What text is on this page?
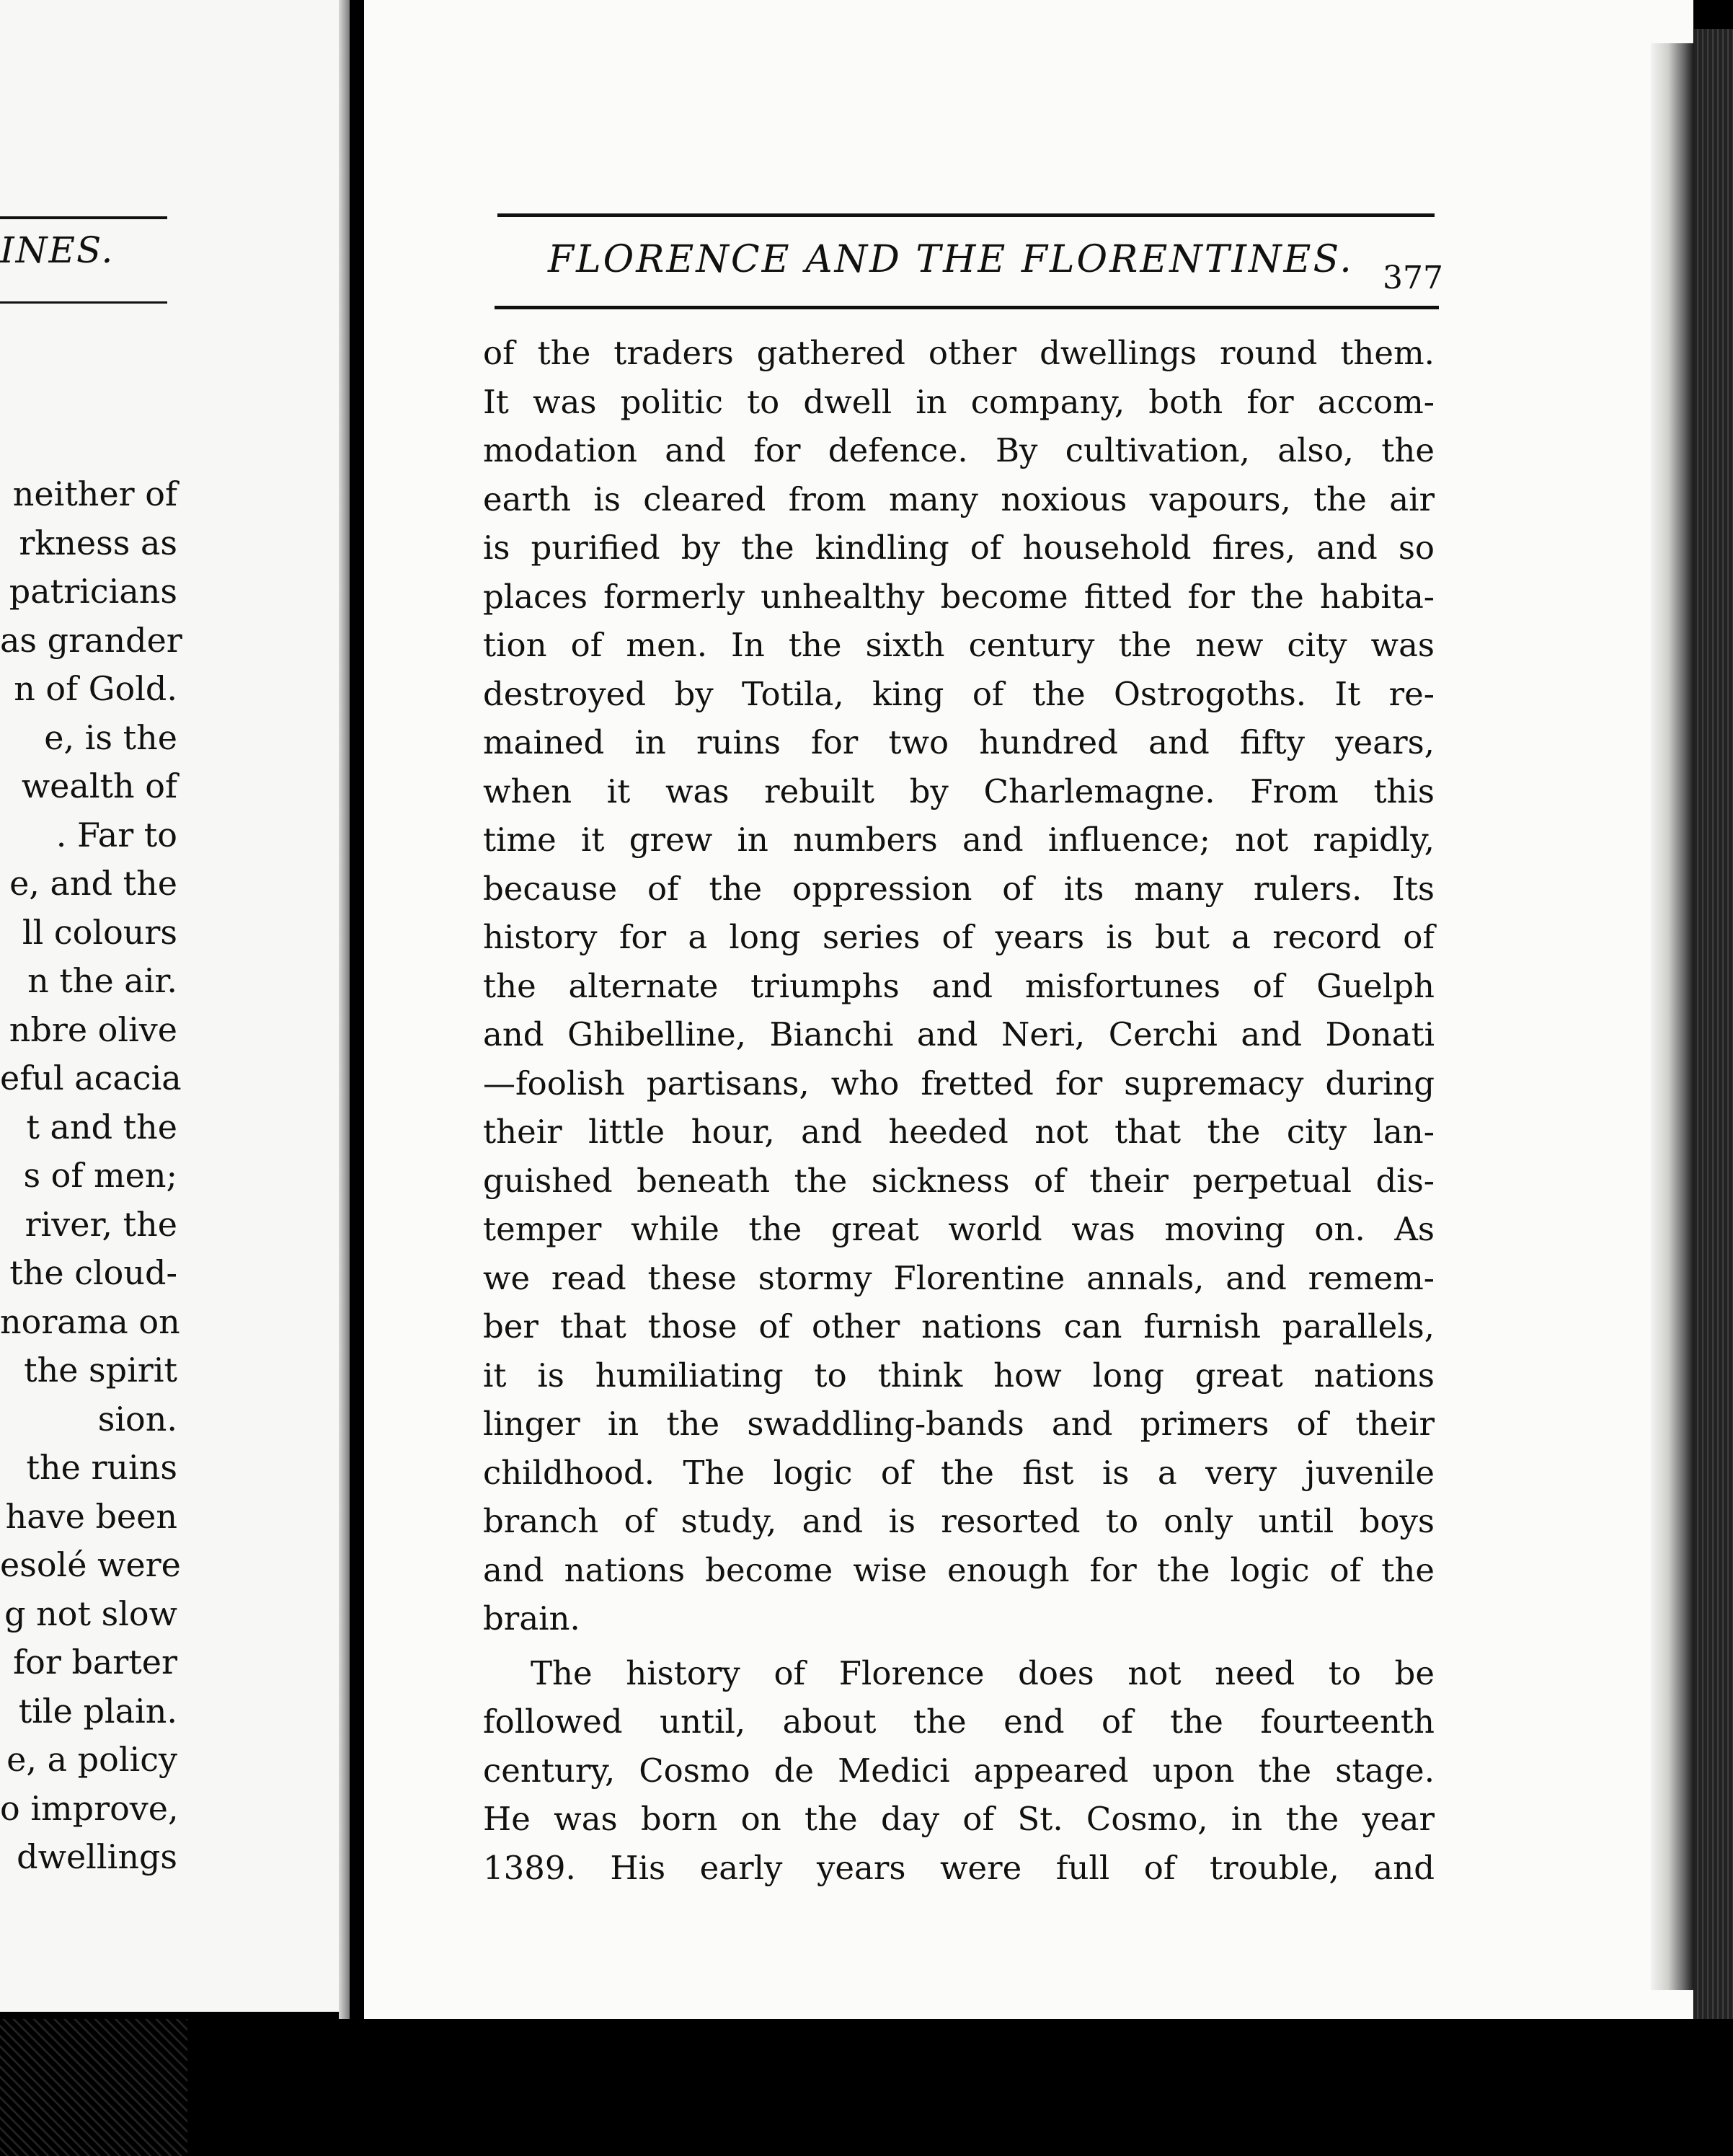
INES.
neither of
rkness as
patricians
as grander
n of Gold.
e, is the
wealth of
. Far to
e, and the
ll colours
n the air.
nbre olive
eful acacia
t and the
s of men;
river, the
the cloud-
norama on
the spirit
sion.
the ruins
have been
esolé were
g not slow
for barter
tile plain.
e, a policy
o improve,
dwellings
FLORENCE AND THE FLORENTINES. 377
of the traders gathered other dwellings round them.
It was politic to dwell in company, both for accom-
modation and for defence. By cultivation, also, the
earth is cleared from many noxious vapours, the air
is purified by the kindling of household fires, and so
places formerly unhealthy become fitted for the habita-
tion of men. In the sixth century the new city was
destroyed by Totila, king of the Ostrogoths. It re-
mained in ruins for two hundred and fifty years,
when it was rebuilt by Charlemagne. From this
time it grew in numbers and influence; not rapidly,
because of the oppression of its many rulers. Its
history for a long series of years is but a record of
the alternate triumphs and misfortunes of Guelph
and Ghibelline, Bianchi and Neri, Cerchi and Donati
—foolish partisans, who fretted for supremacy during
their little hour, and heeded not that the city lan-
guished beneath the sickness of their perpetual dis-
temper while the great world was moving on. As
we read these stormy Florentine annals, and remem-
ber that those of other nations can furnish parallels,
it is humiliating to think how long great nations
linger in the swaddling-bands and primers of their
childhood. The logic of the fist is a very juvenile
branch of study, and is resorted to only until boys
and nations become wise enough for the logic of the
brain.
The history of Florence does not need to be
followed until, about the end of the fourteenth
century, Cosmo de Medici appeared upon the stage.
He was born on the day of St. Cosmo, in the year
1389. His early years were full of trouble, and
